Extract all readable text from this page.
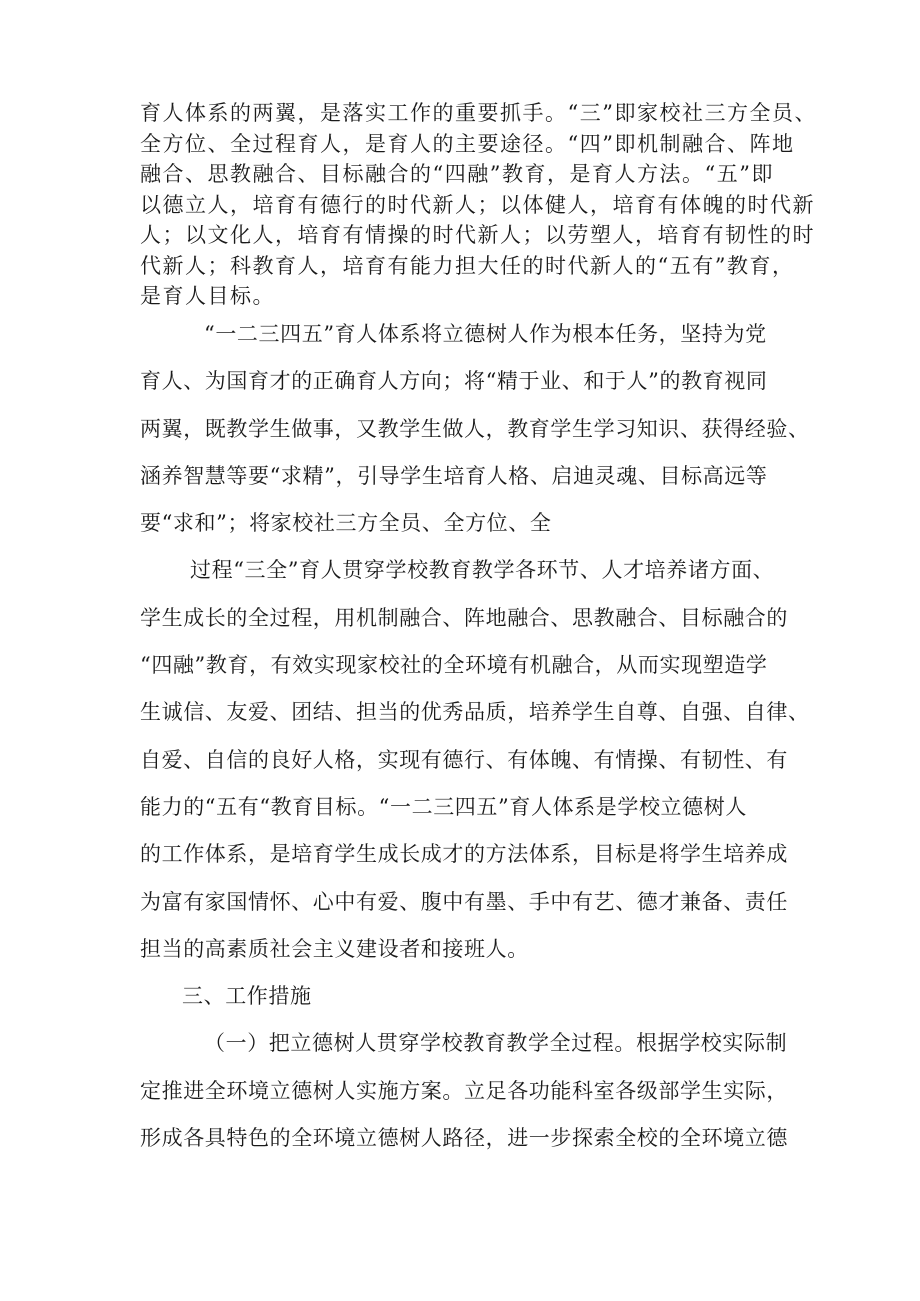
育人体系的两翼，是落实工作的重要抓手。“三”即家校社三方全员、
全方位、全过程育人，是育人的主要途径。“四”即机制融合、阵地
融合、思教融合、目标融合的“四融”教育，是育人方法。“五”即
以德立人，培育有德行的时代新人；以体健人，培育有体魄的时代新
人；以文化人，培育有情操的时代新人；以劳塑人，培育有韧性的时
代新人；科教育人，培育有能力担大任的时代新人的“五有”教育，
是育人目标。
“一二三四五”育人体系将立德树人作为根本任务，坚持为党
育人、为国育才的正确育人方向；将“精于业、和于人”的教育视同
两翼，既教学生做事，又教学生做人，教育学生学习知识、获得经验、
涵养智慧等要“求精”，引导学生培育人格、启迪灵魂、目标高远等
要“求和”；将家校社三方全员、全方位、全
过程“三全”育人贯穿学校教育教学各环节、人才培养诸方面、
学生成长的全过程，用机制融合、阵地融合、思教融合、目标融合的
“四融”教育，有效实现家校社的全环境有机融合，从而实现塑造学
生诚信、友爱、团结、担当的优秀品质，培养学生自尊、自强、自律、
自爱、自信的良好人格，实现有德行、有体魄、有情操、有韧性、有
能力的“五有“教育目标。“一二三四五”育人体系是学校立德树人
的工作体系，是培育学生成长成才的方法体系，目标是将学生培养成
为富有家国情怀、心中有爱、腹中有墨、手中有艺、德才兼备、责任
担当的高素质社会主义建设者和接班人。
三、工作措施
（一）把立德树人贯穿学校教育教学全过程。根据学校实际制
定推进全环境立德树人实施方案。立足各功能科室各级部学生实际，
形成各具特色的全环境立德树人路径，进一步探索全校的全环境立德
